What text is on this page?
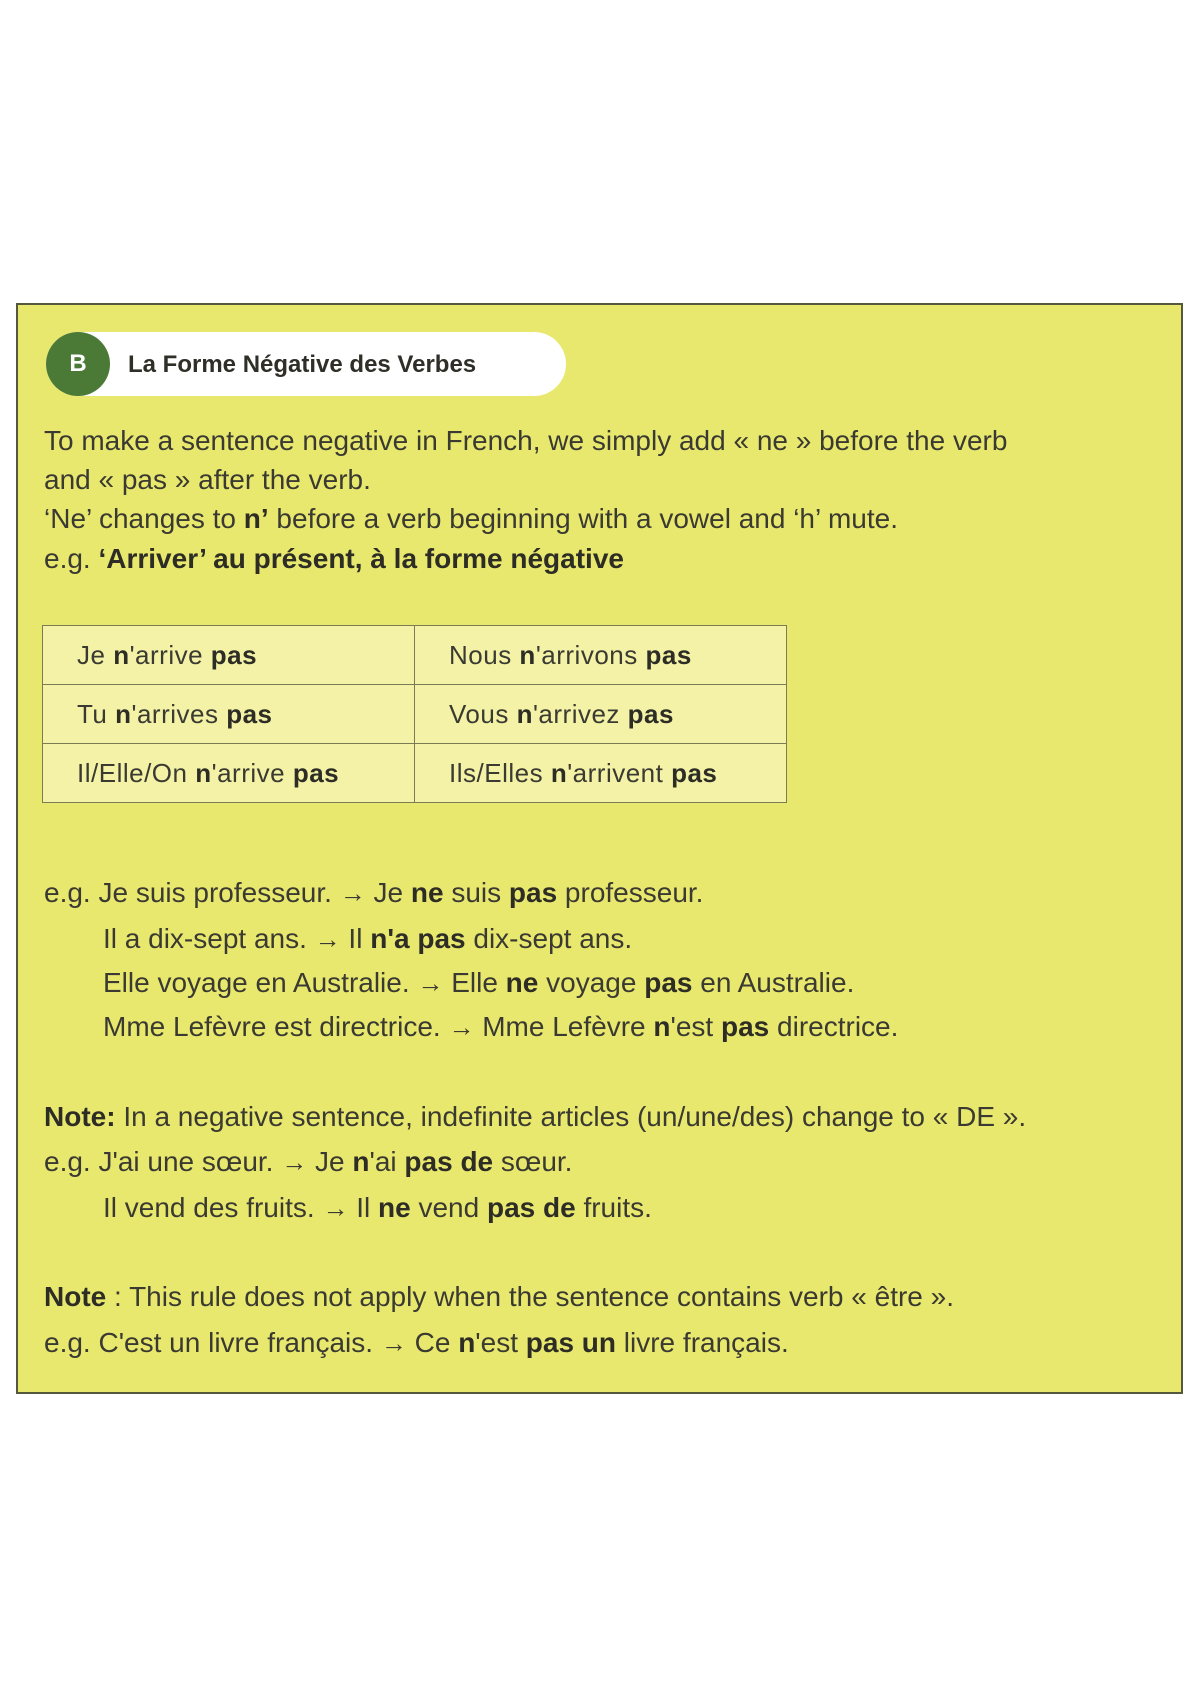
B	La Forme Négative des Verbes
To make a sentence negative in French, we simply add « ne » before the verb
and « pas » after the verb.
‘Ne’ changes to n’ before a verb beginning with a vowel and ‘h’ mute.
e.g. ‘Arriver’ au présent, à la forme négative
Je n'arrive pas	Nous n'arrivons pas
Tu n'arrives pas	Vous n'arrivez pas
Il/Elle/On n'arrive pas	Ils/Elles n'arrivent pas
e.g. Je suis professeur. → Je ne suis pas professeur.
Il a dix-sept ans. → Il n'a pas dix-sept ans.
Elle voyage en Australie. → Elle ne voyage pas en Australie.
Mme Lefèvre est directrice. → Mme Lefèvre n'est pas directrice.
Note: In a negative sentence, indefinite articles (un/une/des) change to « DE ».
e.g. J'ai une sœur. → Je n'ai pas de sœur.
Il vend des fruits. → Il ne vend pas de fruits.
Note : This rule does not apply when the sentence contains verb « être ».
e.g. C'est un livre français. → Ce n'est pas un livre français.
